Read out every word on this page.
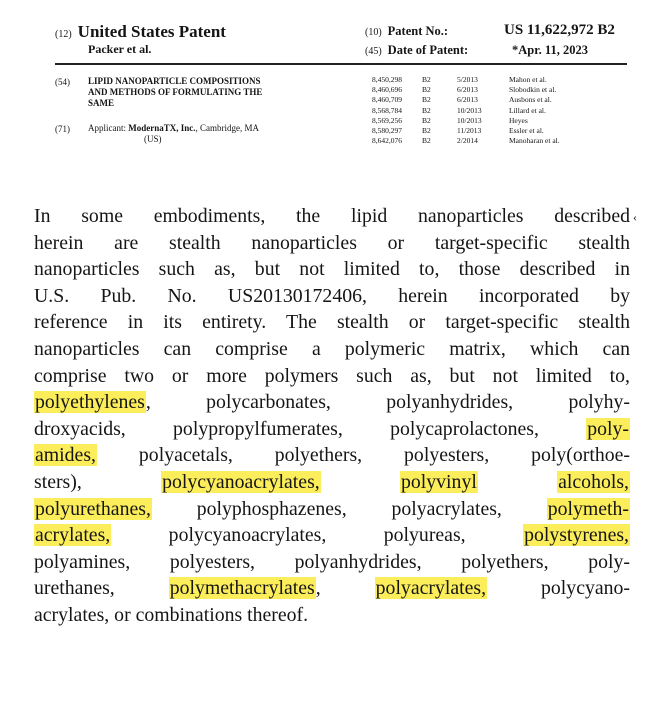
(12) United States Patent
Packer et al.
(10) Patent No.:	US 11,622,972 B2
(45) Date of Patent:	*Apr. 11, 2023
(54) LIPID NANOPARTICLE COMPOSITIONS
AND METHODS OF FORMULATING THE
SAME
(71) Applicant: ModernaTX, Inc., Cambridge, MA
(US)
8,450,298	B2	5/2013	Mahon et al.
8,460,696	B2	6/2013	Slobodkin et al.
8,460,709	B2	6/2013	Ausbons et al.
8,568,784	B2	10/2013	Lillard et al.
8,569,256	B2	10/2013	Heyes
8,580,297	B2	11/2013	Essler et al.
8,642,076	B2	2/2014	Manoharan et al.
‹
In some embodiments, the lipid nanoparticles described
herein are stealth nanoparticles or target-specific stealth
nanoparticles such as, but not limited to, those described in
U.S. Pub. No. US20130172406, herein incorporated by
reference in its entirety. The stealth or target-specific stealth
nanoparticles can comprise a polymeric matrix, which can
comprise two or more polymers such as, but not limited to,
polyethylenes, polycarbonates, polyanhydrides, polyhy-
droxyacids, polypropylfumerates, polycaprolactones, poly-
amides, polyacetals, polyethers, polyesters, poly(orthoe-
sters), polycyanoacrylates,	polyvinyl	alcohols,
polyurethanes, polyphosphazenes, polyacrylates, polymeth-
acrylates, polycyanoacrylates, polyureas, polystyrenes,
polyamines, polyesters, polyanhydrides, polyethers, poly-
urethanes, polymethacrylates, polyacrylates, polycyano-
acrylates, or combinations thereof.
